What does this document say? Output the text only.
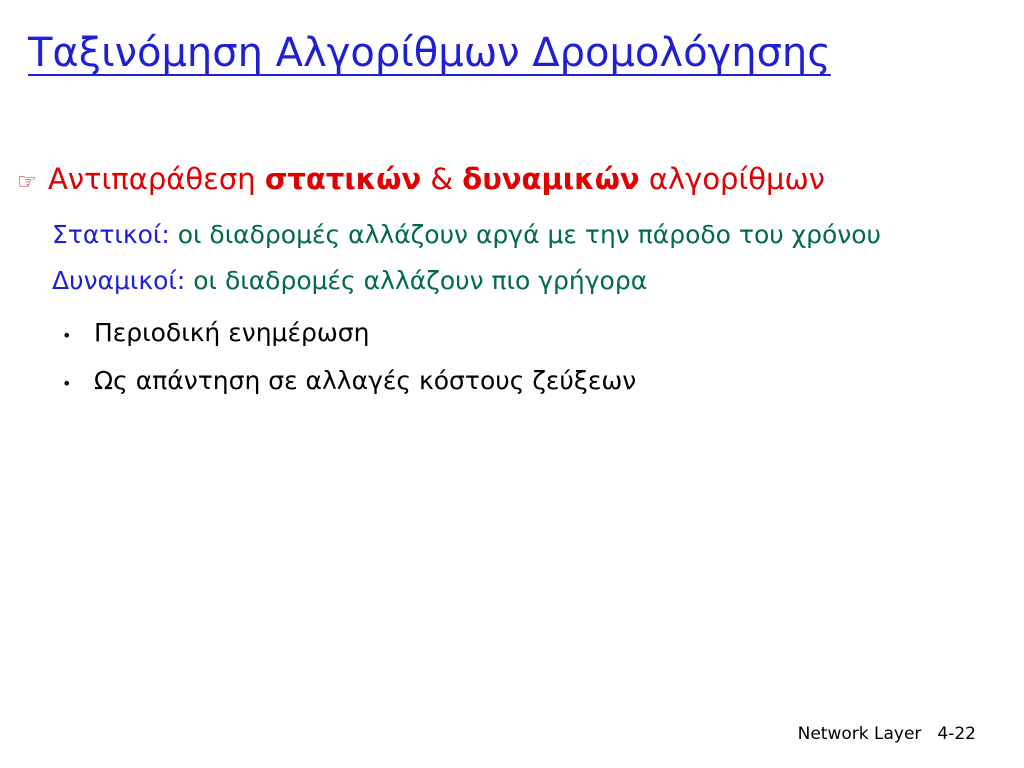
Ταξινόμηση Αλγορίθμων Δρομολόγησης
☞ Αντιπαράθεση στατικών & δυναμικών αλγορίθμων
Στατικοί: οι διαδρομές αλλάζουν αργά με την πάροδο του χρόνου
Δυναμικοί: οι διαδρομές αλλάζουν πιο γρήγορα
• Περιοδική ενημέρωση
• Ως απάντηση σε αλλαγές κόστους ζεύξεων
Network Layer 4-22
